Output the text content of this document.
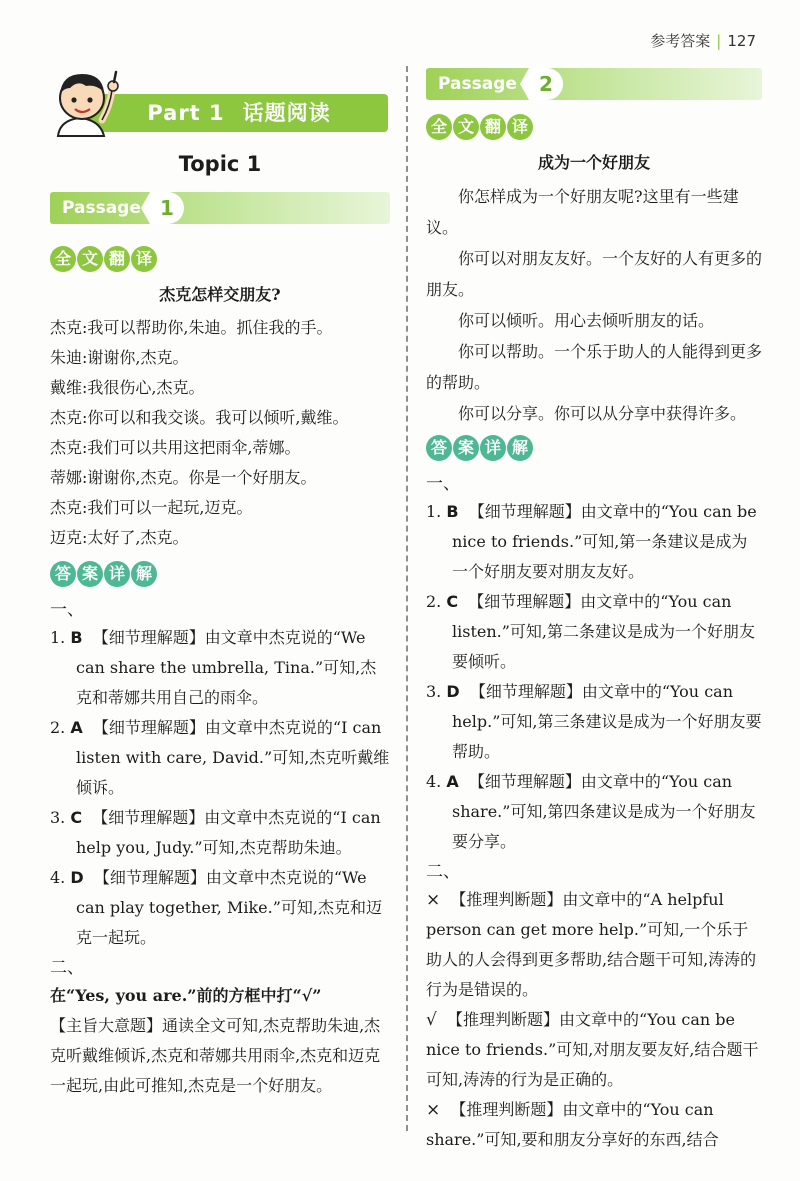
参考答案 | 127
Part 1 话题阅读
Topic 1
Passage 1
全 文 翻 译
杰克怎样交朋友?
杰克:我可以帮助你,朱迪。抓住我的手。
朱迪:谢谢你,杰克。
戴维:我很伤心,杰克。
杰克:你可以和我交谈。我可以倾听,戴维。
杰克:我们可以共用这把雨伞,蒂娜。
蒂娜:谢谢你,杰克。你是一个好朋友。
杰克:我们可以一起玩,迈克。
迈克:太好了,杰克。
答 案 详 解
一、

1. B 【细节理解题】由文章中杰克说的“We can share the umbrella, Tina.”可知,杰克和蒂娜共用自己的雨伞。

2. A 【细节理解题】由文章中杰克说的“I can listen with care, David.”可知,杰克听戴维倾诉。

3. C 【细节理解题】由文章中杰克说的“I can help you, Judy.”可知,杰克帮助朱迪。

4. D 【细节理解题】由文章中杰克说的“We can play together, Mike.”可知,杰克和迈克一起玩。

二、

在“Yes, you are.”前的方框中打“√”

【主旨大意题】通读全文可知,杰克帮助朱迪,杰克听戴维倾诉,杰克和蒂娜共用雨伞,杰克和迈克一起玩,由此可推知,杰克是一个好朋友。

Passage	2
全 文 翻 译
成为一个好朋友

你怎样成为一个好朋友呢?这里有一些建议。

你可以对朋友友好。一个友好的人有更多的朋友。

你可以倾听。用心去倾听朋友的话。

你可以帮助。一个乐于助人的人能得到更多的帮助。

你可以分享。你可以从分享中获得许多。

答 案 详 解
一、

1. B 【细节理解题】由文章中的“You can be nice to friends.”可知,第一条建议是成为一个好朋友要对朋友友好。

2. C 【细节理解题】由文章中的“You can listen.”可知,第二条建议是成为一个好朋友要倾听。

3. D 【细节理解题】由文章中的“You can help.”可知,第三条建议是成为一个好朋友要帮助。

4. A 【细节理解题】由文章中的“You can share.”可知,第四条建议是成为一个好朋友要分享。

二、

× 【推理判断题】由文章中的“A helpful person can get more help.”可知,一个乐于助人的人会得到更多帮助,结合题干可知,涛涛的行为是错误的。

√ 【推理判断题】由文章中的“You can be nice to friends.”可知,对朋友要友好,结合题干可知,涛涛的行为是正确的。

× 【推理判断题】由文章中的“You can share.”可知,要和朋友分享好的东西,结合
